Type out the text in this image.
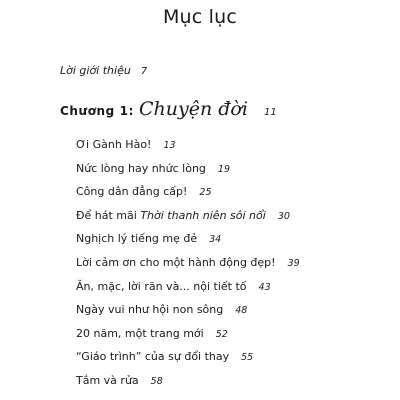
Mục lục
Lời giới thiệu 7
Chương 1: Chuyện đời 11
Ơi Gành Hào! 13
Nức lòng hay nhức lòng 19
Công dân đẳng cấp! 25
Để hát mãi Thời thanh niên sôi nổi 30
Nghịch lý tiếng mẹ đẻ 34
Lời cảm ơn cho một hành động đẹp! 39
Ăn, mặc, lời răn và... nội tiết tố 43
Ngày vui như hội non sông 48
20 năm, một trang mới 52
“Giáo trình” của sự đổi thay 55
Tắm và rửa 58
